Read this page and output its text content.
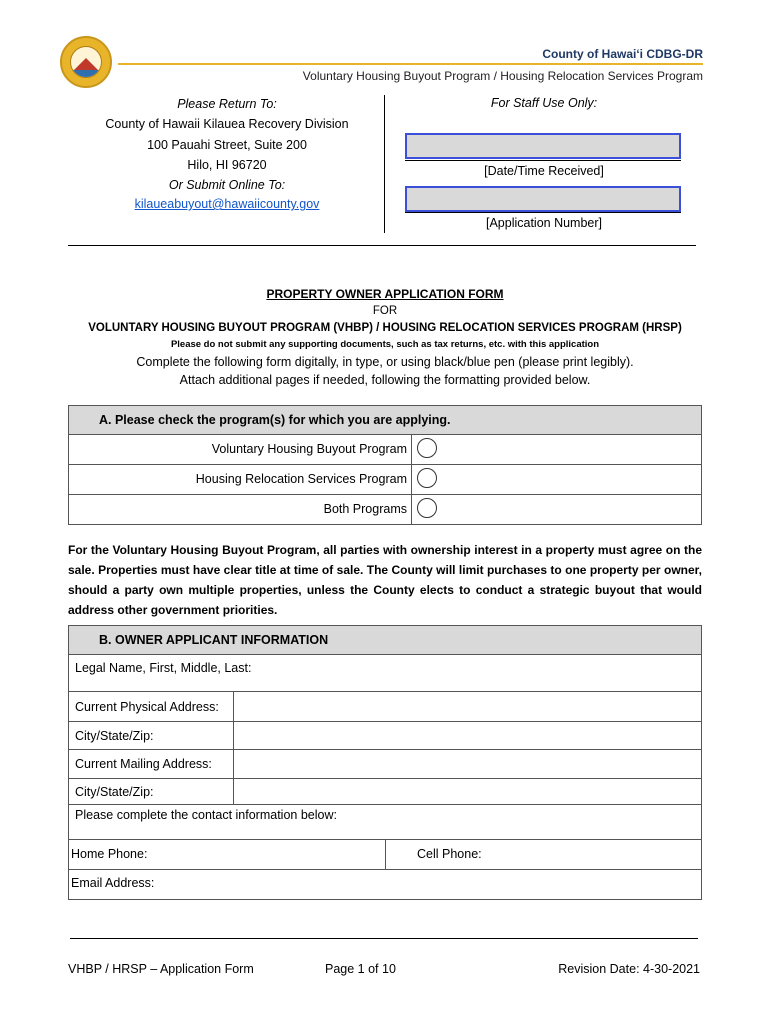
County of Hawaiʻi CDBG-DR
Voluntary Housing Buyout Program / Housing Relocation Services Program
Please Return To:
County of Hawaii Kilauea Recovery Division
100 Pauahi Street, Suite 200
Hilo, HI 96720
Or Submit Online To:
kilaueabuyout@hawaiicounty.gov
For Staff Use Only:
[Date/Time Received]
[Application Number]
PROPERTY OWNER APPLICATION FORM
FOR
VOLUNTARY HOUSING BUYOUT PROGRAM (VHBP) / HOUSING RELOCATION SERVICES PROGRAM (HRSP)
Please do not submit any supporting documents, such as tax returns, etc. with this application
Complete the following form digitally, in type, or using black/blue pen (please print legibly).
Attach additional pages if needed, following the formatting provided below.
A. Please check the program(s) for which you are applying.
Voluntary Housing Buyout Program
Housing Relocation Services Program
Both Programs
For the Voluntary Housing Buyout Program, all parties with ownership interest in a property must agree on the sale. Properties must have clear title at time of sale. The County will limit purchases to one property per owner, should a party own multiple properties, unless the County elects to conduct a strategic buyout that would address other government priorities.
B. OWNER APPLICANT INFORMATION
Legal Name, First, Middle, Last:
Current Physical Address:
City/State/Zip:
Current Mailing Address:
City/State/Zip:
Please complete the contact information below:
Home Phone:	Cell Phone:
Email Address:
VHBP / HRSP – Application Form	Page 1 of 10	Revision Date: 4-30-2021
